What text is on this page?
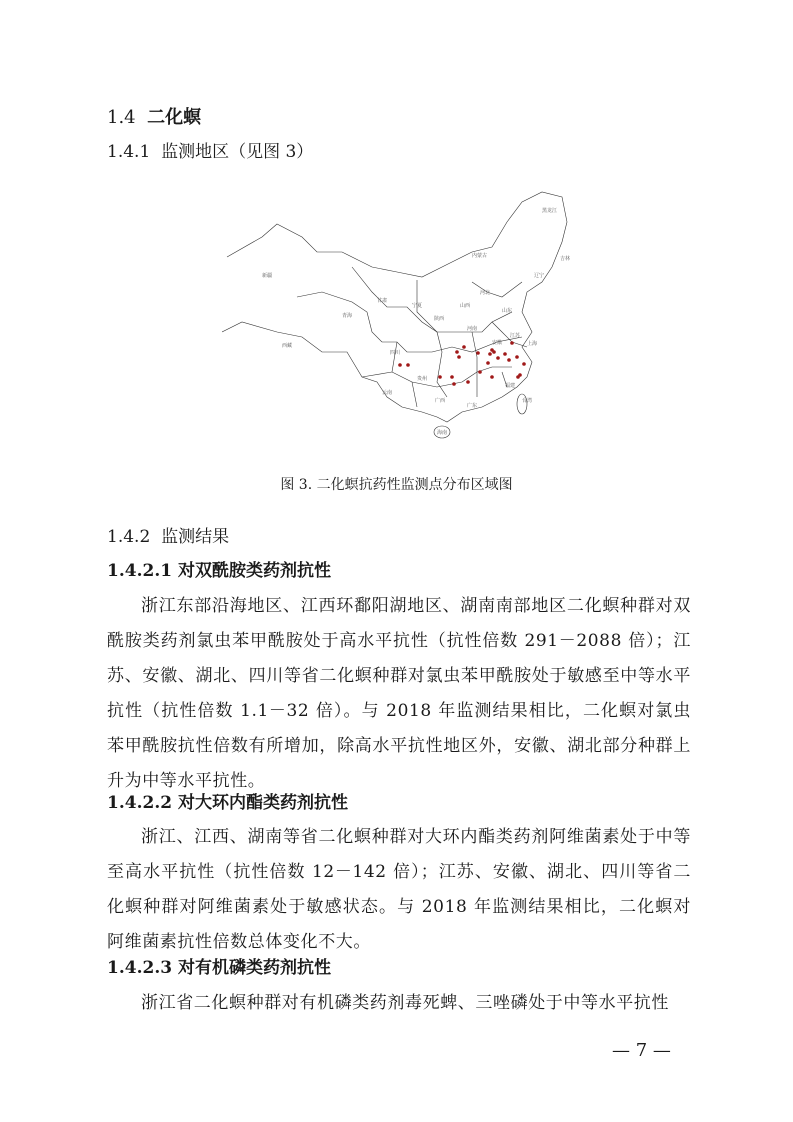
1.4 二化螟
1.4.1 监测地区（见图 3）
新疆
西藏
青海
甘肃
宁夏
内蒙古
黑龙江
吉林
辽宁
河北
山西
陕西
山东
河南
江苏
安徽	上海
四川
贵州
云南
广西
广东
福建
台湾
海南
图 3. 二化螟抗药性监测点分布区域图
1.4.2 监测结果
1.4.2.1 对双酰胺类药剂抗性
浙江东部沿海地区、江西环鄱阳湖地区、湖南南部地区二化螟种群对双酰胺类药剂氯虫苯甲酰胺处于高水平抗性（抗性倍数 291－2088 倍）；江苏、安徽、湖北、四川等省二化螟种群对氯虫苯甲酰胺处于敏感至中等水平抗性（抗性倍数 1.1－32 倍）。与 2018 年监测结果相比，二化螟对氯虫苯甲酰胺抗性倍数有所增加，除高水平抗性地区外，安徽、湖北部分种群上升为中等水平抗性。
1.4.2.2 对大环内酯类药剂抗性
浙江、江西、湖南等省二化螟种群对大环内酯类药剂阿维菌素处于中等至高水平抗性（抗性倍数 12－142 倍）；江苏、安徽、湖北、四川等省二化螟种群对阿维菌素处于敏感状态。与 2018 年监测结果相比，二化螟对阿维菌素抗性倍数总体变化不大。
1.4.2.3 对有机磷类药剂抗性
浙江省二化螟种群对有机磷类药剂毒死蜱、三唑磷处于中等水平抗性
— 7 —
